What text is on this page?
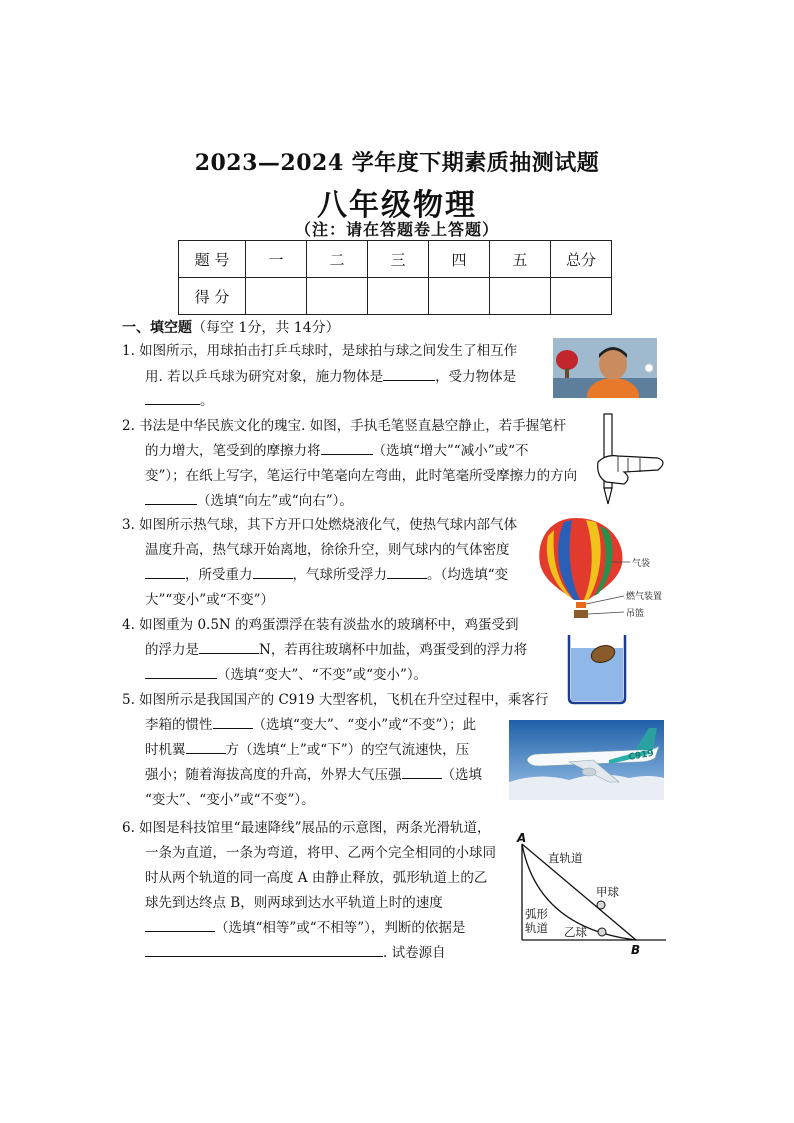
2023—2024 学年度下期素质抽测试题
八年级物理
（注：请在答题卷上答题）
题 号	一	二	三	四	五	总分
得 分						
一、填空题（每空 1分，共 14分）
1. 如图所示，用球拍击打乒乓球时，是球拍与球之间发生了相互作
用. 若以乒乓球为研究对象，施力物体是	，受力物体是
。
2. 书法是中华民族文化的瑰宝. 如图，手执毛笔竖直悬空静止，若手握笔杆
的力增大，笔受到的摩擦力将	（选填“增大”“减小”或“不
变”）；在纸上写字，笔运行中笔毫向左弯曲，此时笔毫所受摩擦力的方向
（选填“向左”或“向右”）。
3. 如图所示热气球，其下方开口处燃烧液化气，使热气球内部气体
温度升高，热气球开始离地，徐徐升空，则气球内的气体密度
，所受重力	，气球所受浮力	。（均选填“变
大”“变小”或“不变”）
气袋
燃气装置
吊篮
4. 如图重为 0.5N 的鸡蛋漂浮在装有淡盐水的玻璃杯中，鸡蛋受到
的浮力是	N，若再往玻璃杯中加盐，鸡蛋受到的浮力将
（选填“变大”、“不变”或“变小”）。
5. 如图所示是我国国产的 C919 大型客机，飞机在升空过程中，乘客行
李箱的惯性	（选填“变大”、“变小”或“不变”）；此
时机翼	方（选填“上”或“下”）的空气流速快，压
强小；随着海拔高度的升高，外界大气压强	（选填
“变大”、“变小”或“不变”）。
C919
6. 如图是科技馆里“最速降线”展品的示意图，两条光滑轨道，
一条为直道，一条为弯道，将甲、乙两个完全相同的小球同
时从两个轨道的同一高度 A 由静止释放，弧形轨道上的乙
球先到达终点 B，则两球到达水平轨道上时的速度
（选填“相等”或“不相等”），判断的依据是
. 试卷源自
A
B
直轨道
甲球
弧形
轨道 乙球
